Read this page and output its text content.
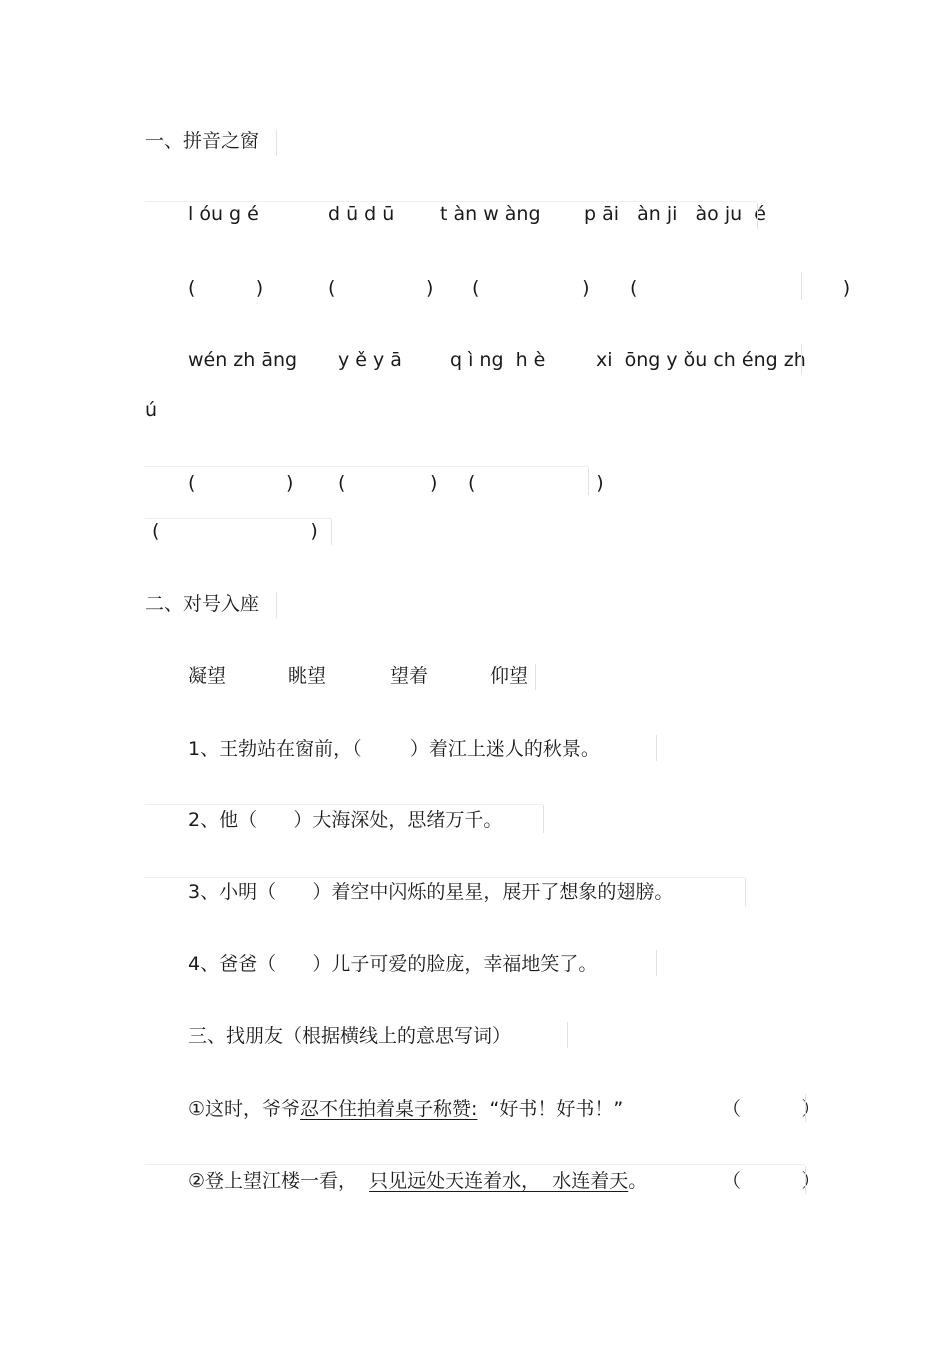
一、拼音之窗
l óu g é	d ū d ū t àn w àng p āi   àn ji   ào ju  é
(          )	(               ) (                 ) (                                  )
wén zh āng y ě y ā	q ì ng  h è	xi  ōng y ǒu ch éng zh
ú
(               ) (              ) (                    )
(                         )
二、对号入座
凝望	眺望	望着	仰望
1、王勃站在窗前，（        ）着江上迷人的秋景。
2、他（      ）大海深处，思绪万千。
3、小明（      ）着空中闪烁的星星，展开了想象的翅膀。
4、爸爸（      ）儿子可爱的脸庞，幸福地笑了。
三、找朋友（根据横线上的意思写词）
①这时，爷爷忍不住拍着桌子称赞:  “好书！好书！”	（          ）
②登上望江楼一看，  只见远处天连着水，  水连着天。	（          ）
